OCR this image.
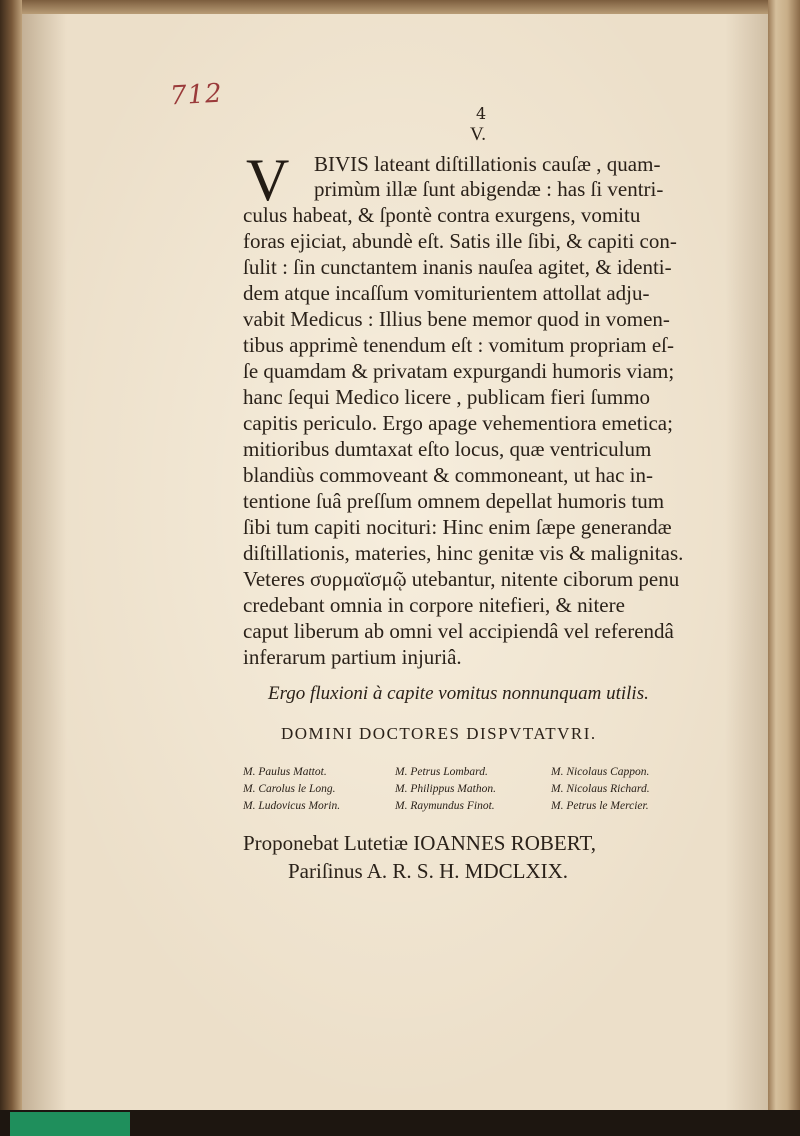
712
4
V.
V BIVIS lateant diſtillationis cauſæ , quam-
primùm illæ ſunt abigendæ : has ſi ventri-
culus habeat, & ſpontè contra exurgens, vomitu
foras ejiciat, abundè eſt. Satis ille ſibi, & capiti con-
ſulit : ſin cunctantem inanis nauſea agitet, & identi-
dem atque incaſſum vomiturientem attollat adju-
vabit Medicus : Illius bene memor quod in vomen-
tibus apprimè tenendum eſt : vomitum propriam eſ-
ſe quamdam & privatam expurgandi humoris viam;
hanc ſequi Medico licere , publicam fieri ſummo
capitis periculo. Ergo apage vehementiora emetica;
mitioribus dumtaxat eſto locus, quæ ventriculum
blandiùs commoveant & commoneant, ut hac in-
tentione ſuâ preſſum omnem depellat humoris tum
ſibi tum capiti nocituri: Hinc enim ſæpe generandæ
diſtillationis, materies, hinc genitæ vis & malignitas.
Veteres συρμαϊσμῷ utebantur, nitente ciborum penu
credebant omnia in corpore nitefieri, & nitere
caput liberum ab omni vel accipiendâ vel referendâ
inferarum partium injuriâ.
Ergo fluxioni à capite vomitus nonnunquam utilis.
DOMINI DOCTORES DISPVTATVRI.
M. Paulus Mattot.	M. Petrus Lombard.	M. Nicolaus Cappon.
M. Carolus le Long.	M. Philippus Mathon.	M. Nicolaus Richard.
M. Ludovicus Morin.	M. Raymundus Finot.	M. Petrus le Mercier.
Proponebat Lutetiæ IOANNES ROBERT,
Pariſinus A. R. S. H. MDCLXIX.
